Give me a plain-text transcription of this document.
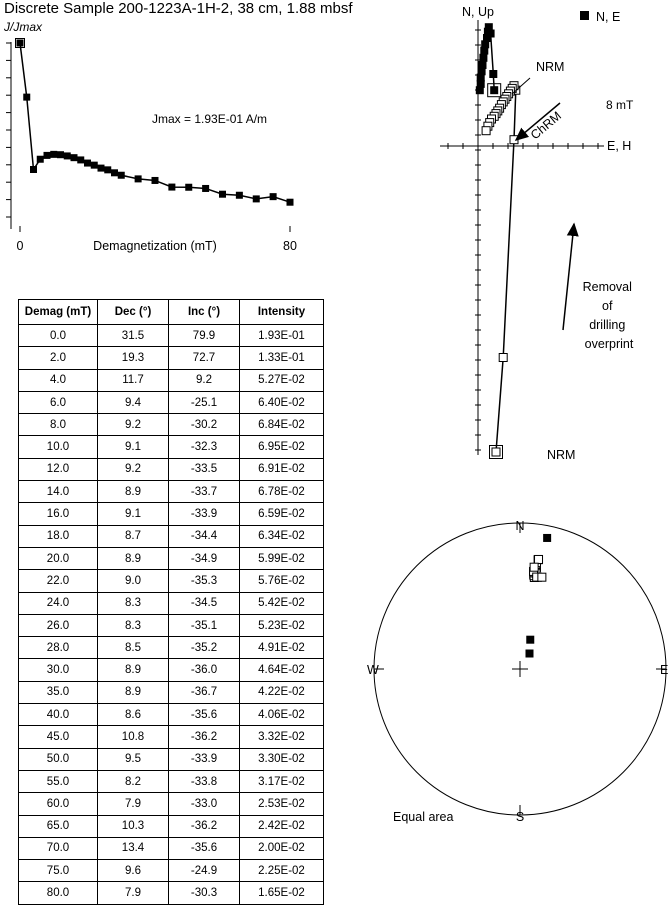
Discrete Sample 200-1223A-1H-2, 38 cm, 1.88 mbsf
J/Jmax
0	80
Demagnetization (mT)
Jmax = 1.93E-01 A/m
N, Up
E, H
N, E
NRM
8 mT
ChRM
Removal of drilling overprint
NRM
N
S
W	E
Equal area
Demag (mT)	Dec (°)	Inc (°)	Intensity
0.0	31.5	79.9	1.93E-01
2.0	19.3	72.7	1.33E-01
4.0	11.7	9.2	5.27E-02
6.0	9.4	-25.1	6.40E-02
8.0	9.2	-30.2	6.84E-02
10.0	9.1	-32.3	6.95E-02
12.0	9.2	-33.5	6.91E-02
14.0	8.9	-33.7	6.78E-02
16.0	9.1	-33.9	6.59E-02
18.0	8.7	-34.4	6.34E-02
20.0	8.9	-34.9	5.99E-02
22.0	9.0	-35.3	5.76E-02
24.0	8.3	-34.5	5.42E-02
26.0	8.3	-35.1	5.23E-02
28.0	8.5	-35.2	4.91E-02
30.0	8.9	-36.0	4.64E-02
35.0	8.9	-36.7	4.22E-02
40.0	8.6	-35.6	4.06E-02
45.0	10.8	-36.2	3.32E-02
50.0	9.5	-33.9	3.30E-02
55.0	8.2	-33.8	3.17E-02
60.0	7.9	-33.0	2.53E-02
65.0	10.3	-36.2	2.42E-02
70.0	13.4	-35.6	2.00E-02
75.0	9.6	-24.9	2.25E-02
80.0	7.9	-30.3	1.65E-02
